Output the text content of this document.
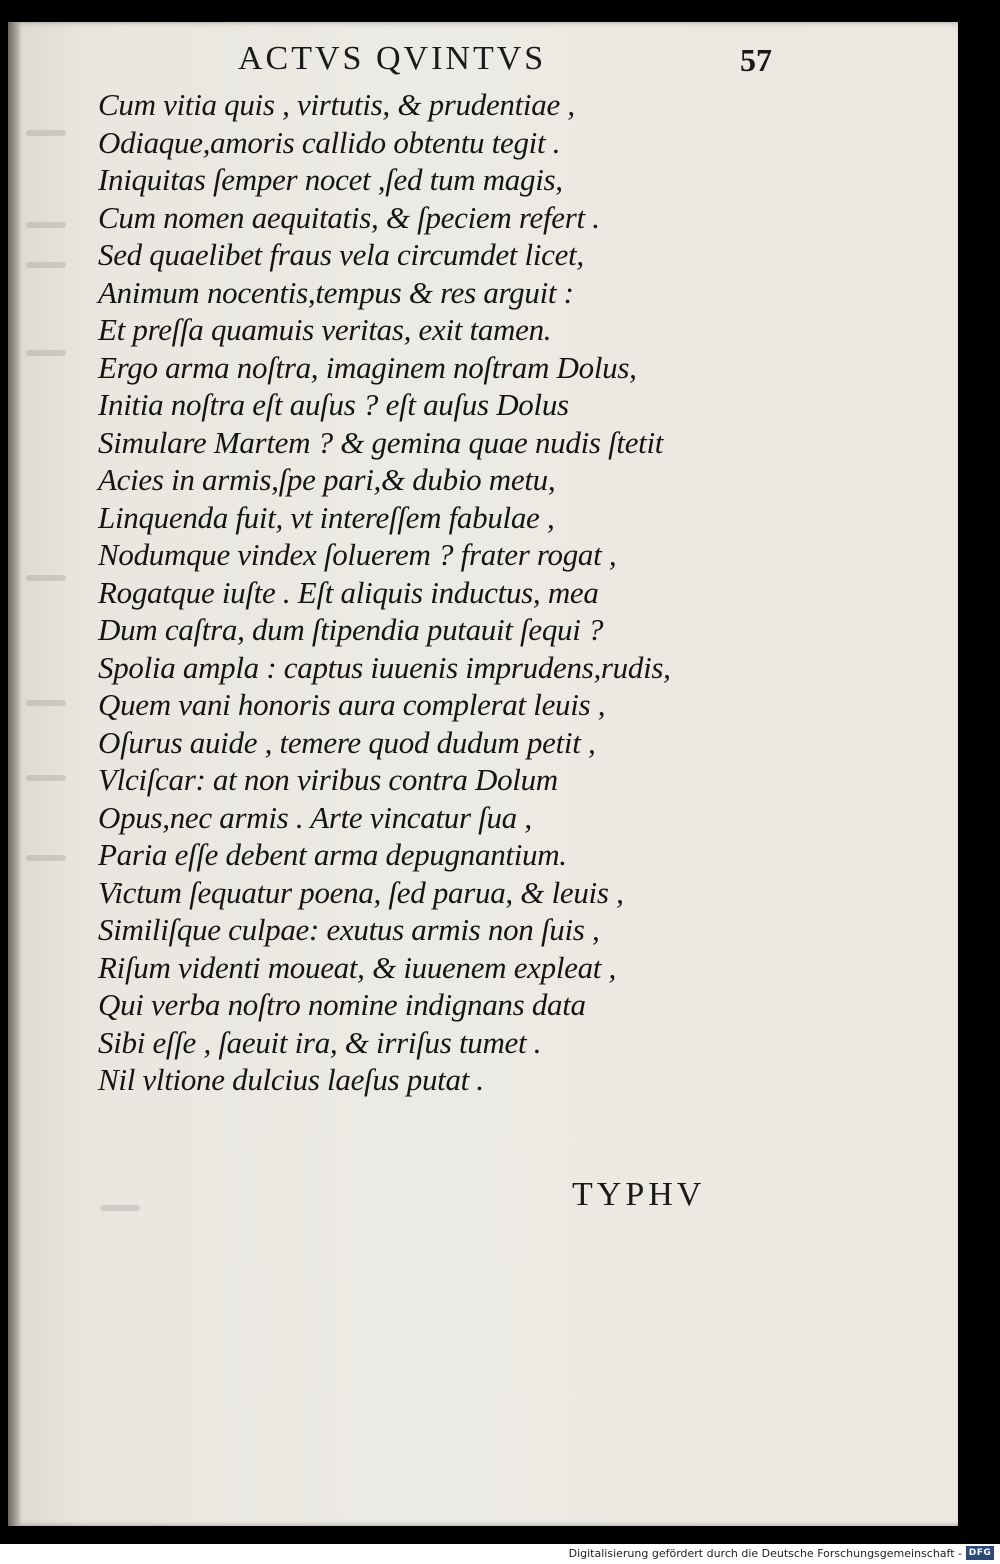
ACTVS QVINTVS	57
Cum vitia quis , virtutis, & prudentiae ,
Odiaque,amoris callido obtentu tegit .
Iniquitas ſemper nocet ,ſed tum magis,
Cum nomen aequitatis, & ſpeciem refert .
Sed quaelibet fraus vela circumdet licet,
Animum nocentis,tempus & res arguit :
Et preſſa quamuis veritas, exit tamen.
Ergo arma noſtra, imaginem noſtram Dolus,
Initia noſtra eſt auſus ? eſt auſus Dolus
Simulare Martem ? & gemina quae nudis ſtetit
Acies in armis,ſpe pari,& dubio metu,
Linquenda fuit, vt intereſſem fabulae ,
Nodumque vindex ſoluerem ? frater rogat ,
Rogatque iuſte . Eſt aliquis inductus, mea
Dum caſtra, dum ſtipendia putauit ſequi ?
Spolia ampla : captus iuuenis imprudens,rudis,
Quem vani honoris aura complerat leuis ,
Oſurus auide , temere quod dudum petit ,
Vlciſcar: at non viribus contra Dolum
Opus,nec armis . Arte vincatur ſua ,
Paria eſſe debent arma depugnantium.
Victum ſequatur poena, ſed parua, & leuis ,
Similiſque culpae: exutus armis non ſuis ,
Riſum videnti moueat, & iuuenem expleat ,
Qui verba noſtro nomine indignans data
Sibi eſſe , ſaeuit ira, & irriſus tumet .
Nil vltione dulcius laeſus putat .
TYPHV
Digitalisierung gefördert durch die Deutsche Forschungsgemeinschaft - DFG
